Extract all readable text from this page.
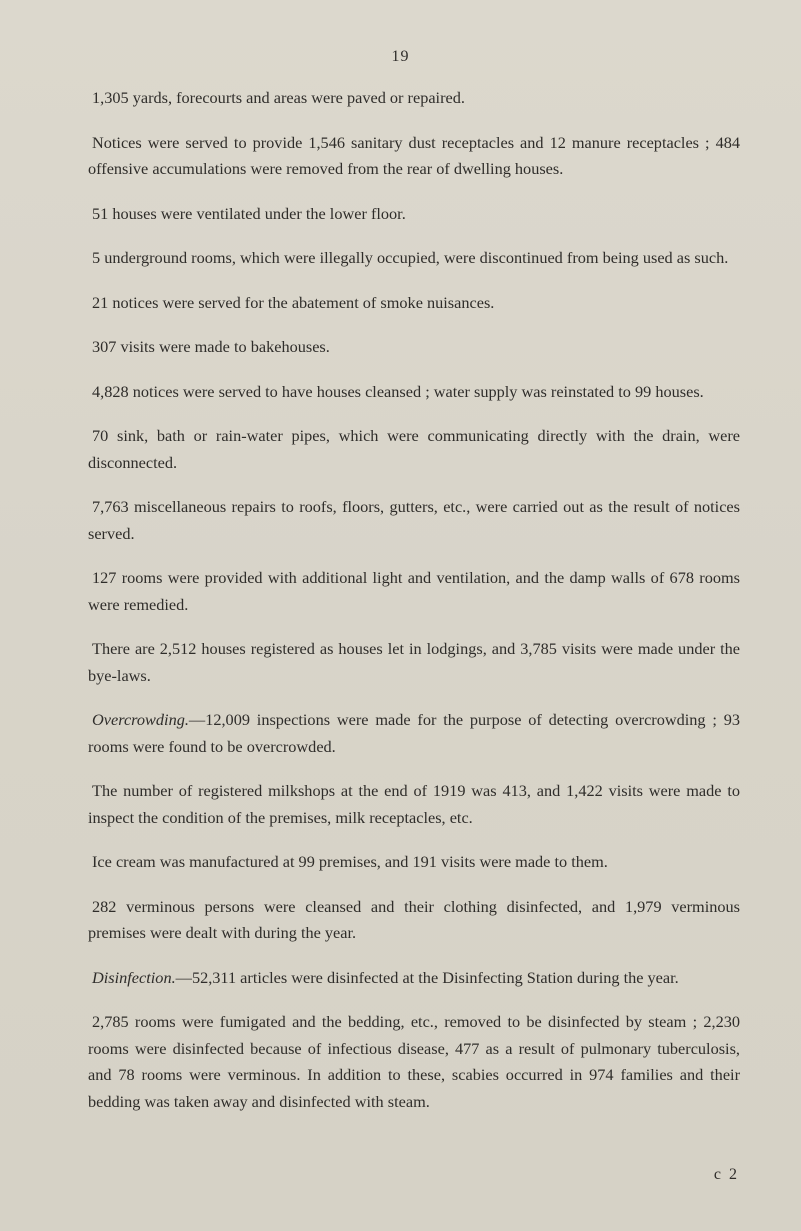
19

1,305 yards, forecourts and areas were paved or repaired.

Notices were served to provide 1,546 sanitary dust receptacles and 12 manure receptacles ; 484 offensive accumulations were removed from the rear of dwelling houses.

51 houses were ventilated under the lower floor.

5 underground rooms, which were illegally occupied, were discontinued from being used as such.

21 notices were served for the abatement of smoke nuisances.

307 visits were made to bakehouses.

4,828 notices were served to have houses cleansed ; water supply was reinstated to 99 houses.

70 sink, bath or rain-water pipes, which were communicating directly with the drain, were disconnected.

7,763 miscellaneous repairs to roofs, floors, gutters, etc., were carried out as the result of notices served.

127 rooms were provided with additional light and ventilation, and the damp walls of 678 rooms were remedied.

There are 2,512 houses registered as houses let in lodgings, and 3,785 visits were made under the bye-laws.

Overcrowding.—12,009 inspections were made for the purpose of detecting overcrowding ; 93 rooms were found to be overcrowded.

The number of registered milkshops at the end of 1919 was 413, and 1,422 visits were made to inspect the condition of the premises, milk receptacles, etc.

Ice cream was manufactured at 99 premises, and 191 visits were made to them.

282 verminous persons were cleansed and their clothing disinfected, and 1,979 verminous premises were dealt with during the year.

Disinfection.—52,311 articles were disinfected at the Disinfecting Station during the year.

2,785 rooms were fumigated and the bedding, etc., removed to be disinfected by steam ; 2,230 rooms were disinfected because of infectious disease, 477 as a result of pulmonary tuberculosis, and 78 rooms were verminous. In addition to these, scabies occurred in 974 families and their bedding was taken away and disinfected with steam.

c 2
